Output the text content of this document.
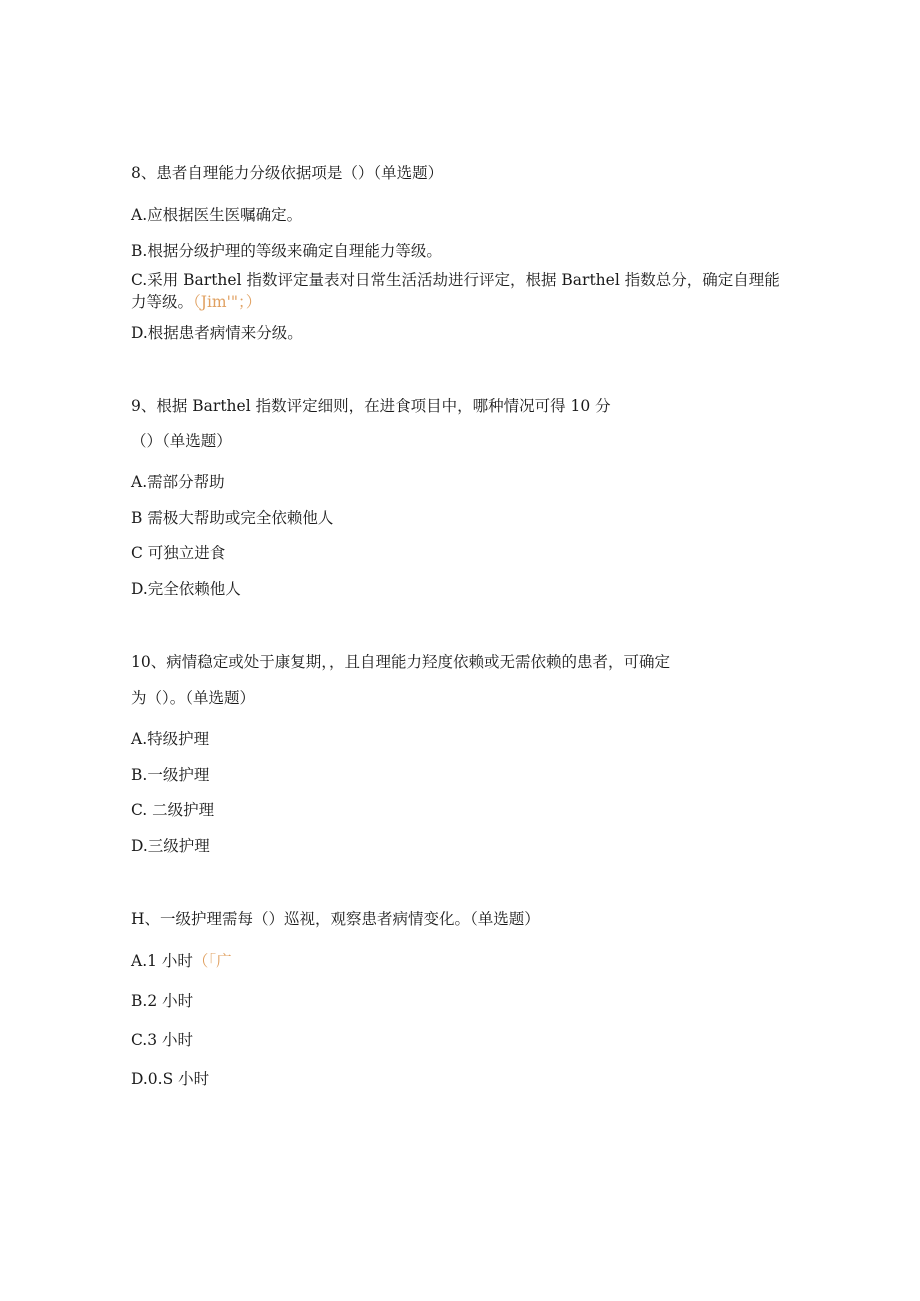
8、患者自理能力分级依据项是（）（单选题）
A.应根据医生医嘱确定。
B.根据分级护理的等级来确定自理能力等级。
C.采用 Barthel 指数评定量表对日常生活活劫进行评定，根据 Barthel 指数总分，确定自理能力等级。（Jim'"；）
D.根据患者病情来分级。
9、根据 Barthel 指数评定细则，在进食项目中，哪种情况可得 10 分
（）（单选题）
A.需部分帮助
B 需极大帮助或完全依赖他人
C 可独立进食
D.完全依赖他人
10、病情稳定或处于康复期，，且自理能力羟度依赖或无需依赖的患者，可确定
为（）。（单选题）
A.特级护理
B.一级护理
C. 二级护理
D.三级护理
H、一级护理需每（）巡视，观察患者病情变化。（单选题）
A.1 小时（「广
B.2 小时
C.3 小时
D.0.S 小时
